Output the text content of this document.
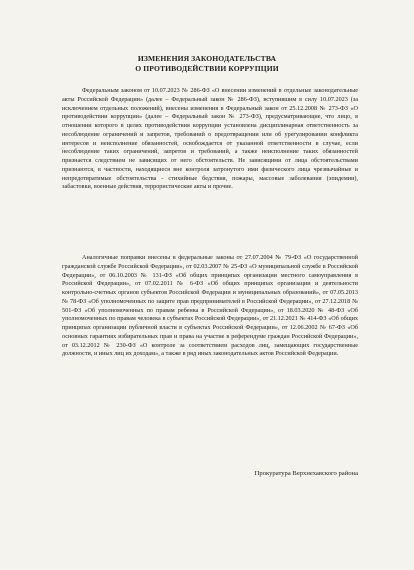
ИЗМЕНЕНИЯ ЗАКОНОДАТЕЛЬСТВА
О ПРОТИВОДЕЙСТВИИ КОРРУПЦИИ

Федеральным законом от 10.07.2023 № 286-ФЗ «О внесении изменений в отдельные законодательные акты Российской Федерации» (далее – Федеральный закон № 286-ФЗ), вступившим в силу 10.07.2023 (за исключением отдельных положений), внесены изменения в Федеральный закон от 25.12.2008 № 273-ФЗ «О противодействии коррупции» (далее – Федеральный закон № 273-ФЗ), предусматривающие, что лицо, в отношении которого в целях противодействия коррупции установлена дисциплинарная ответственность за несоблюдение ограничений и запретов, требований о предотвращении или об урегулировании конфликта интересов и неисполнение обязанностей, освобождается от указанной ответственности в случае, если несоблюдение таких ограничений, запретов и требований, а также неисполнение таких обязанностей признается следствием не зависящих от него обстоятельств. Не зависящими от лица обстоятельствами признаются, в частности, находящиеся вне контроля затронутого ими физического лица чрезвычайные и непредотвратимые обстоятельства - стихийные бедствия, пожары, массовые заболевания (эпидемии), забастовки, военные действия, террористические акты и прочие.

Аналогичные поправки внесены в федеральные законы от 27.07.2004 № 79-ФЗ «О государственной гражданской службе Российской Федерации», от 02.03.2007 № 25-ФЗ «О муниципальной службе в Российской Федерации», от 06.10.2003 № 131-ФЗ «Об общих принципах организации местного самоуправления в Российской Федерации», от 07.02.2011 № 6-ФЗ «Об общих принципах организации и деятельности контрольно-счетных органов субъектов Российской Федерации и муниципальных образований», от 07.05.2013 № 78-ФЗ «Об уполномоченных по защите прав предпринимателей в Российской Федерации», от 27.12.2018 № 501-ФЗ «Об уполномоченных по правам ребенка в Российской Федерации», от 18.03.2020 № 48-ФЗ «Об уполномоченных по правам человека в субъектах Российской Федерации», от 21.12.2021 № 414-ФЗ «Об общих принципах организации публичной власти в субъектах Российской Федерации», от 12.06.2002 № 67-ФЗ «Об основных гарантиях избирательных прав и права на участие в референдуме граждан Российской Федерации», от 03.12.2012 № 230-ФЗ «О контроле за соответствием расходов лиц, замещающих государственные должности, и иных лиц их доходам», а также в ряд иных законодательных актов Российской Федерации.

Прокуратура Верхнехавского района
